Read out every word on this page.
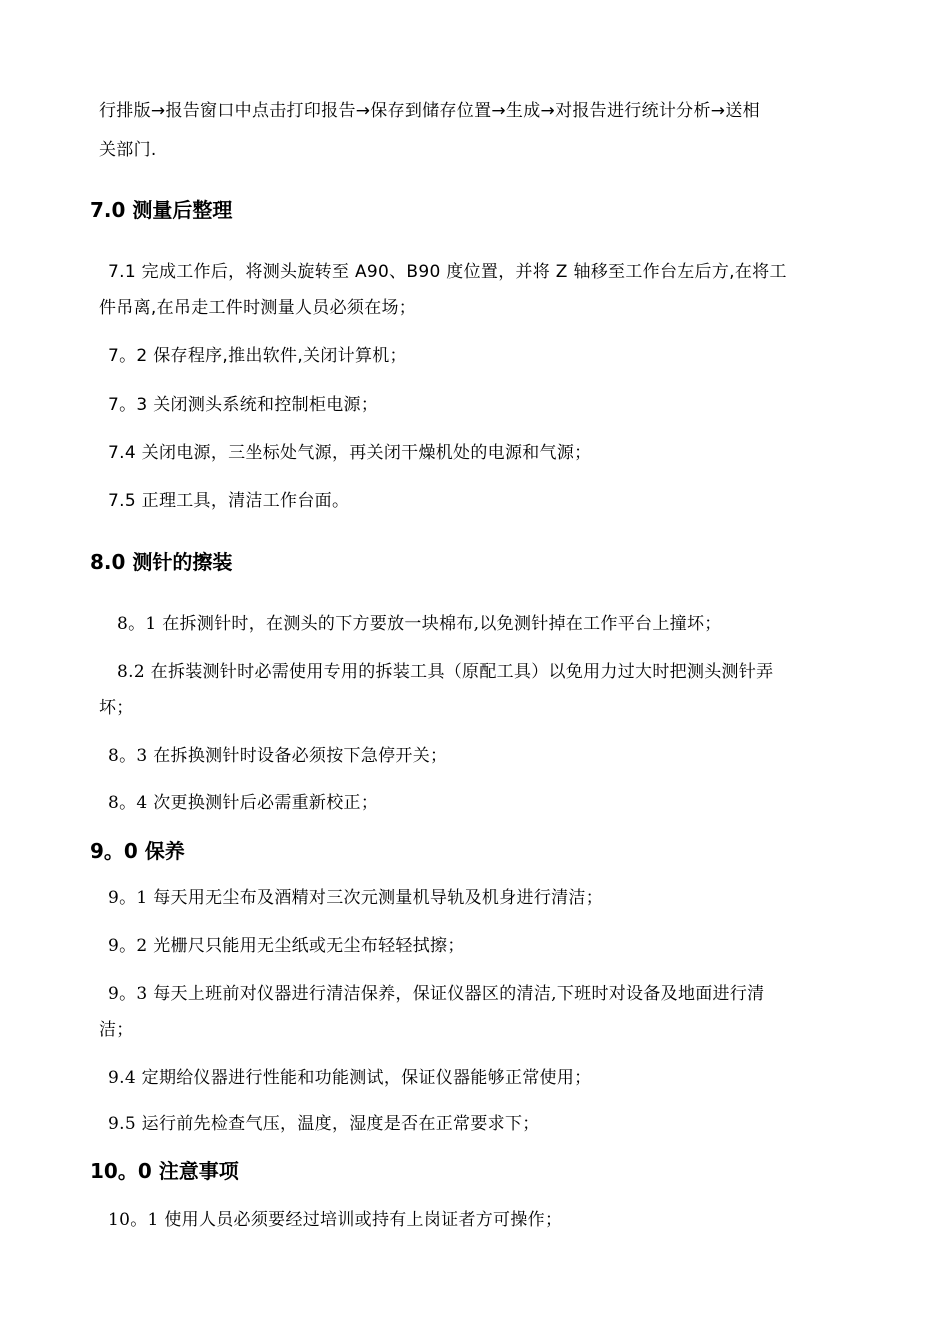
行排版→报告窗口中点击打印报告→保存到储存位置→生成→对报告进行统计分析→送相
关部门.
7.0 测量后整理
7.1 完成工作后，将测头旋转至 A90、B90 度位置，并将 Z 轴移至工作台左后方,在将工
件吊离,在吊走工件时测量人员必须在场；
7。2 保存程序,推出软件,关闭计算机；
7。3 关闭测头系统和控制柜电源；
7.4 关闭电源，三坐标处气源，再关闭干燥机处的电源和气源；
7.5 正理工具，清洁工作台面。
8.0 测针的擦装
8。1 在拆测针时，在测头的下方要放一块棉布,以免测针掉在工作平台上撞坏；
8.2 在拆装测针时必需使用专用的拆装工具（原配工具）以免用力过大时把测头测针弄
坏；
8。3 在拆换测针时设备必须按下急停开关；
8。4 次更换测针后必需重新校正；
9。0 保养
9。1 每天用无尘布及酒精对三次元测量机导轨及机身进行清洁；
9。2 光栅尺只能用无尘纸或无尘布轻轻拭擦；
9。3 每天上班前对仪器进行清洁保养，保证仪器区的清洁,下班时对设备及地面进行清
洁；
9.4 定期给仪器进行性能和功能测试，保证仪器能够正常使用；
9.5 运行前先检查气压，温度，湿度是否在正常要求下；
10。0 注意事项
10。1 使用人员必须要经过培训或持有上岗证者方可操作；
